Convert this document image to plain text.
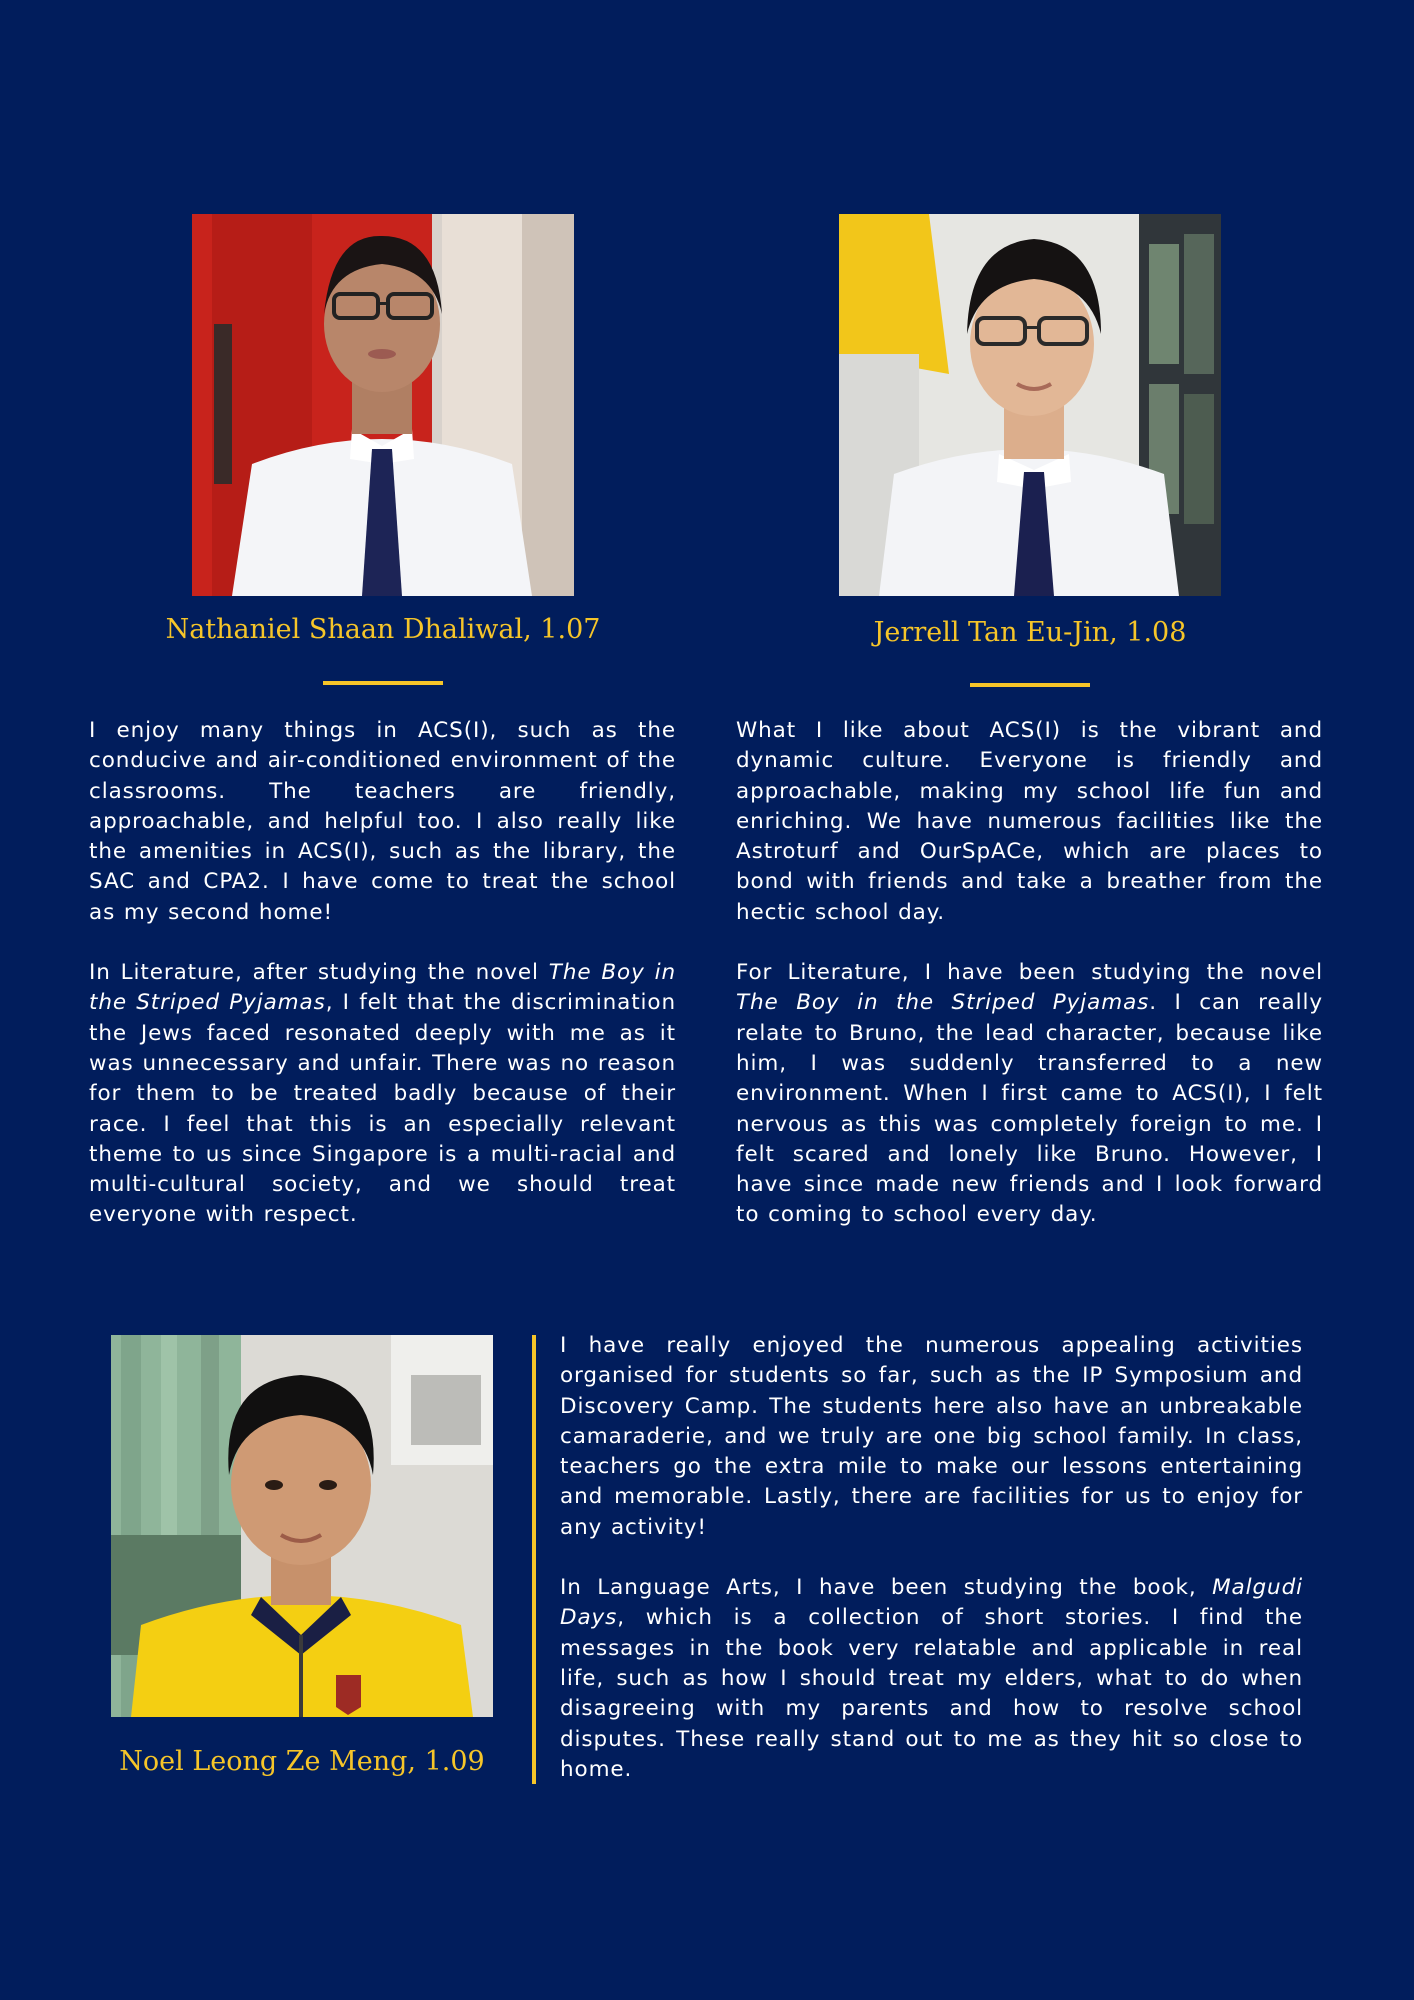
Nathaniel Shaan Dhaliwal, 1.07

I enjoy many things in ACS(I), such as the conducive and air-conditioned environment of the classrooms. The teachers are friendly, approachable, and helpful too. I also really like the amenities in ACS(I), such as the library, the SAC and CPA2. I have come to treat the school as my second home!

In Literature, after studying the novel The Boy in the Striped Pyjamas, I felt that the discrimination the Jews faced resonated deeply with me as it was unnecessary and unfair. There was no reason for them to be treated badly because of their race. I feel that this is an especially relevant theme to us since Singapore is a multi-racial and multi-cultural society, and we should treat everyone with respect.

Jerrell Tan Eu-Jin, 1.08

What I like about ACS(I) is the vibrant and dynamic culture. Everyone is friendly and approachable, making my school life fun and enriching. We have numerous facilities like the Astroturf and OurSpACe, which are places to bond with friends and take a breather from the hectic school day.

For Literature, I have been studying the novel The Boy in the Striped Pyjamas. I can really relate to Bruno, the lead character, because like him, I was suddenly transferred to a new environment. When I first came to ACS(I), I felt nervous as this was completely foreign to me. I felt scared and lonely like Bruno. However, I have since made new friends and I look forward to coming to school every day.

Noel Leong Ze Meng, 1.09

I have really enjoyed the numerous appealing activities organised for students so far, such as the IP Symposium and Discovery Camp. The students here also have an unbreakable camaraderie, and we truly are one big school family. In class, teachers go the extra mile to make our lessons entertaining and memorable. Lastly, there are facilities for us to enjoy for any activity!

In Language Arts, I have been studying the book, Malgudi Days, which is a collection of short stories. I find the messages in the book very relatable and applicable in real life, such as how I should treat my elders, what to do when disagreeing with my parents and how to resolve school disputes. These really stand out to me as they hit so close to home.
